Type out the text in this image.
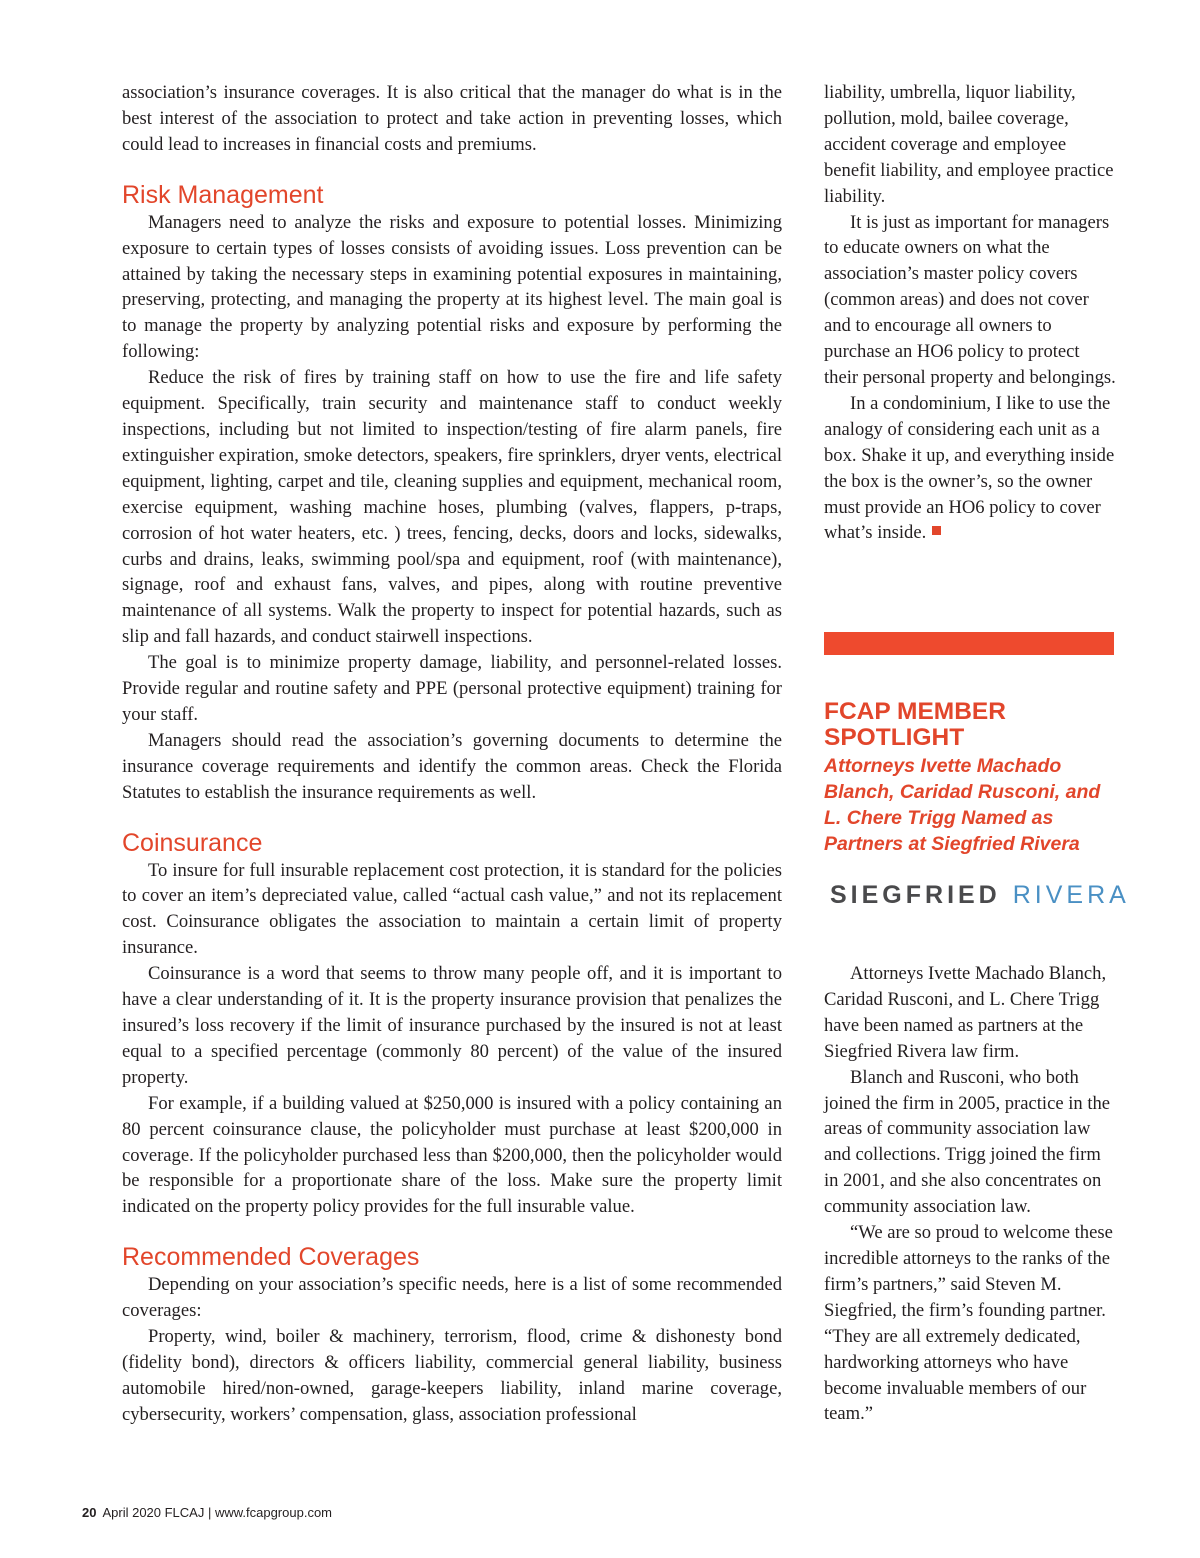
association’s insurance coverages. It is also critical that the manager do what is in the best interest of the association to protect and take action in preventing losses, which could lead to increases in financial costs and premiums.

Risk Management

Managers need to analyze the risks and exposure to potential losses. Minimizing exposure to certain types of losses consists of avoiding issues. Loss prevention can be attained by taking the necessary steps in examining potential exposures in maintaining, preserving, protecting, and managing the property at its highest level. The main goal is to manage the property by analyzing potential risks and exposure by performing the following:

Reduce the risk of fires by training staff on how to use the fire and life safety equipment. Specifically, train security and maintenance staff to conduct weekly inspections, including but not limited to inspection/testing of fire alarm panels, fire extinguisher expiration, smoke detectors, speakers, fire sprinklers, dryer vents, electrical equipment, lighting, carpet and tile, cleaning supplies and equipment, mechanical room, exercise equipment, washing machine hoses, plumbing (valves, flappers, p-traps, corrosion of hot water heaters, etc. ) trees, fencing, decks, doors and locks, sidewalks, curbs and drains, leaks, swimming pool/spa and equipment, roof (with maintenance), signage, roof and exhaust fans, valves, and pipes, along with routine preventive maintenance of all systems. Walk the property to inspect for potential hazards, such as slip and fall hazards, and conduct stairwell inspections.

The goal is to minimize property damage, liability, and personnel-related losses. Provide regular and routine safety and PPE (personal protective equipment) training for your staff.

Managers should read the association’s governing documents to determine the insurance coverage requirements and identify the common areas. Check the Florida Statutes to establish the insurance requirements as well.

Coinsurance

To insure for full insurable replacement cost protection, it is standard for the policies to cover an item’s depreciated value, called “actual cash value,” and not its replacement cost. Coinsurance obligates the association to maintain a certain limit of property insurance.

Coinsurance is a word that seems to throw many people off, and it is important to have a clear understanding of it. It is the property insurance provision that penalizes the insured’s loss recovery if the limit of insurance purchased by the insured is not at least equal to a specified percentage (commonly 80 percent) of the value of the insured property.

For example, if a building valued at $250,000 is insured with a policy containing an 80 percent coinsurance clause, the policyholder must purchase at least $200,000 in coverage. If the policyholder purchased less than $200,000, then the policyholder would be responsible for a proportionate share of the loss. Make sure the property limit indicated on the property policy provides for the full insurable value.

Recommended Coverages

Depending on your association’s specific needs, here is a list of some recommended coverages:

Property, wind, boiler & machinery, terrorism, flood, crime & dishonesty bond (fidelity bond), directors & officers liability, commercial general liability, business automobile hired/non-owned, garage-keepers liability, inland marine coverage, cybersecurity, workers’ compensation, glass, association professional

liability, umbrella, liquor liability, pollution, mold, bailee coverage, accident coverage and employee benefit liability, and employee practice liability.

It is just as important for managers to educate owners on what the association’s master policy covers (common areas) and does not cover and to encourage all owners to purchase an HO6 policy to protect their personal property and belongings.

In a condominium, I like to use the analogy of considering each unit as a box. Shake it up, and everything inside the box is the owner’s, so the owner must provide an HO6 policy to cover what’s inside.

FCAP MEMBER
SPOTLIGHT
Attorneys Ivette Machado Blanch, Caridad Rusconi, and L. Chere Trigg Named as Partners at Siegfried Rivera
SIEGFRIED RIVERA

Attorneys Ivette Machado Blanch, Caridad Rusconi, and L. Chere Trigg have been named as partners at the Siegfried Rivera law firm.

Blanch and Rusconi, who both joined the firm in 2005, practice in the areas of community association law and collections. Trigg joined the firm in 2001, and she also concentrates on community association law.

“We are so proud to welcome these incredible attorneys to the ranks of the firm’s partners,” said Steven M. Siegfried, the firm’s founding partner. “They are all extremely dedicated, hardworking attorneys who have become invaluable members of our team.”

20 April 2020 FLCAJ | www.fcapgroup.com
